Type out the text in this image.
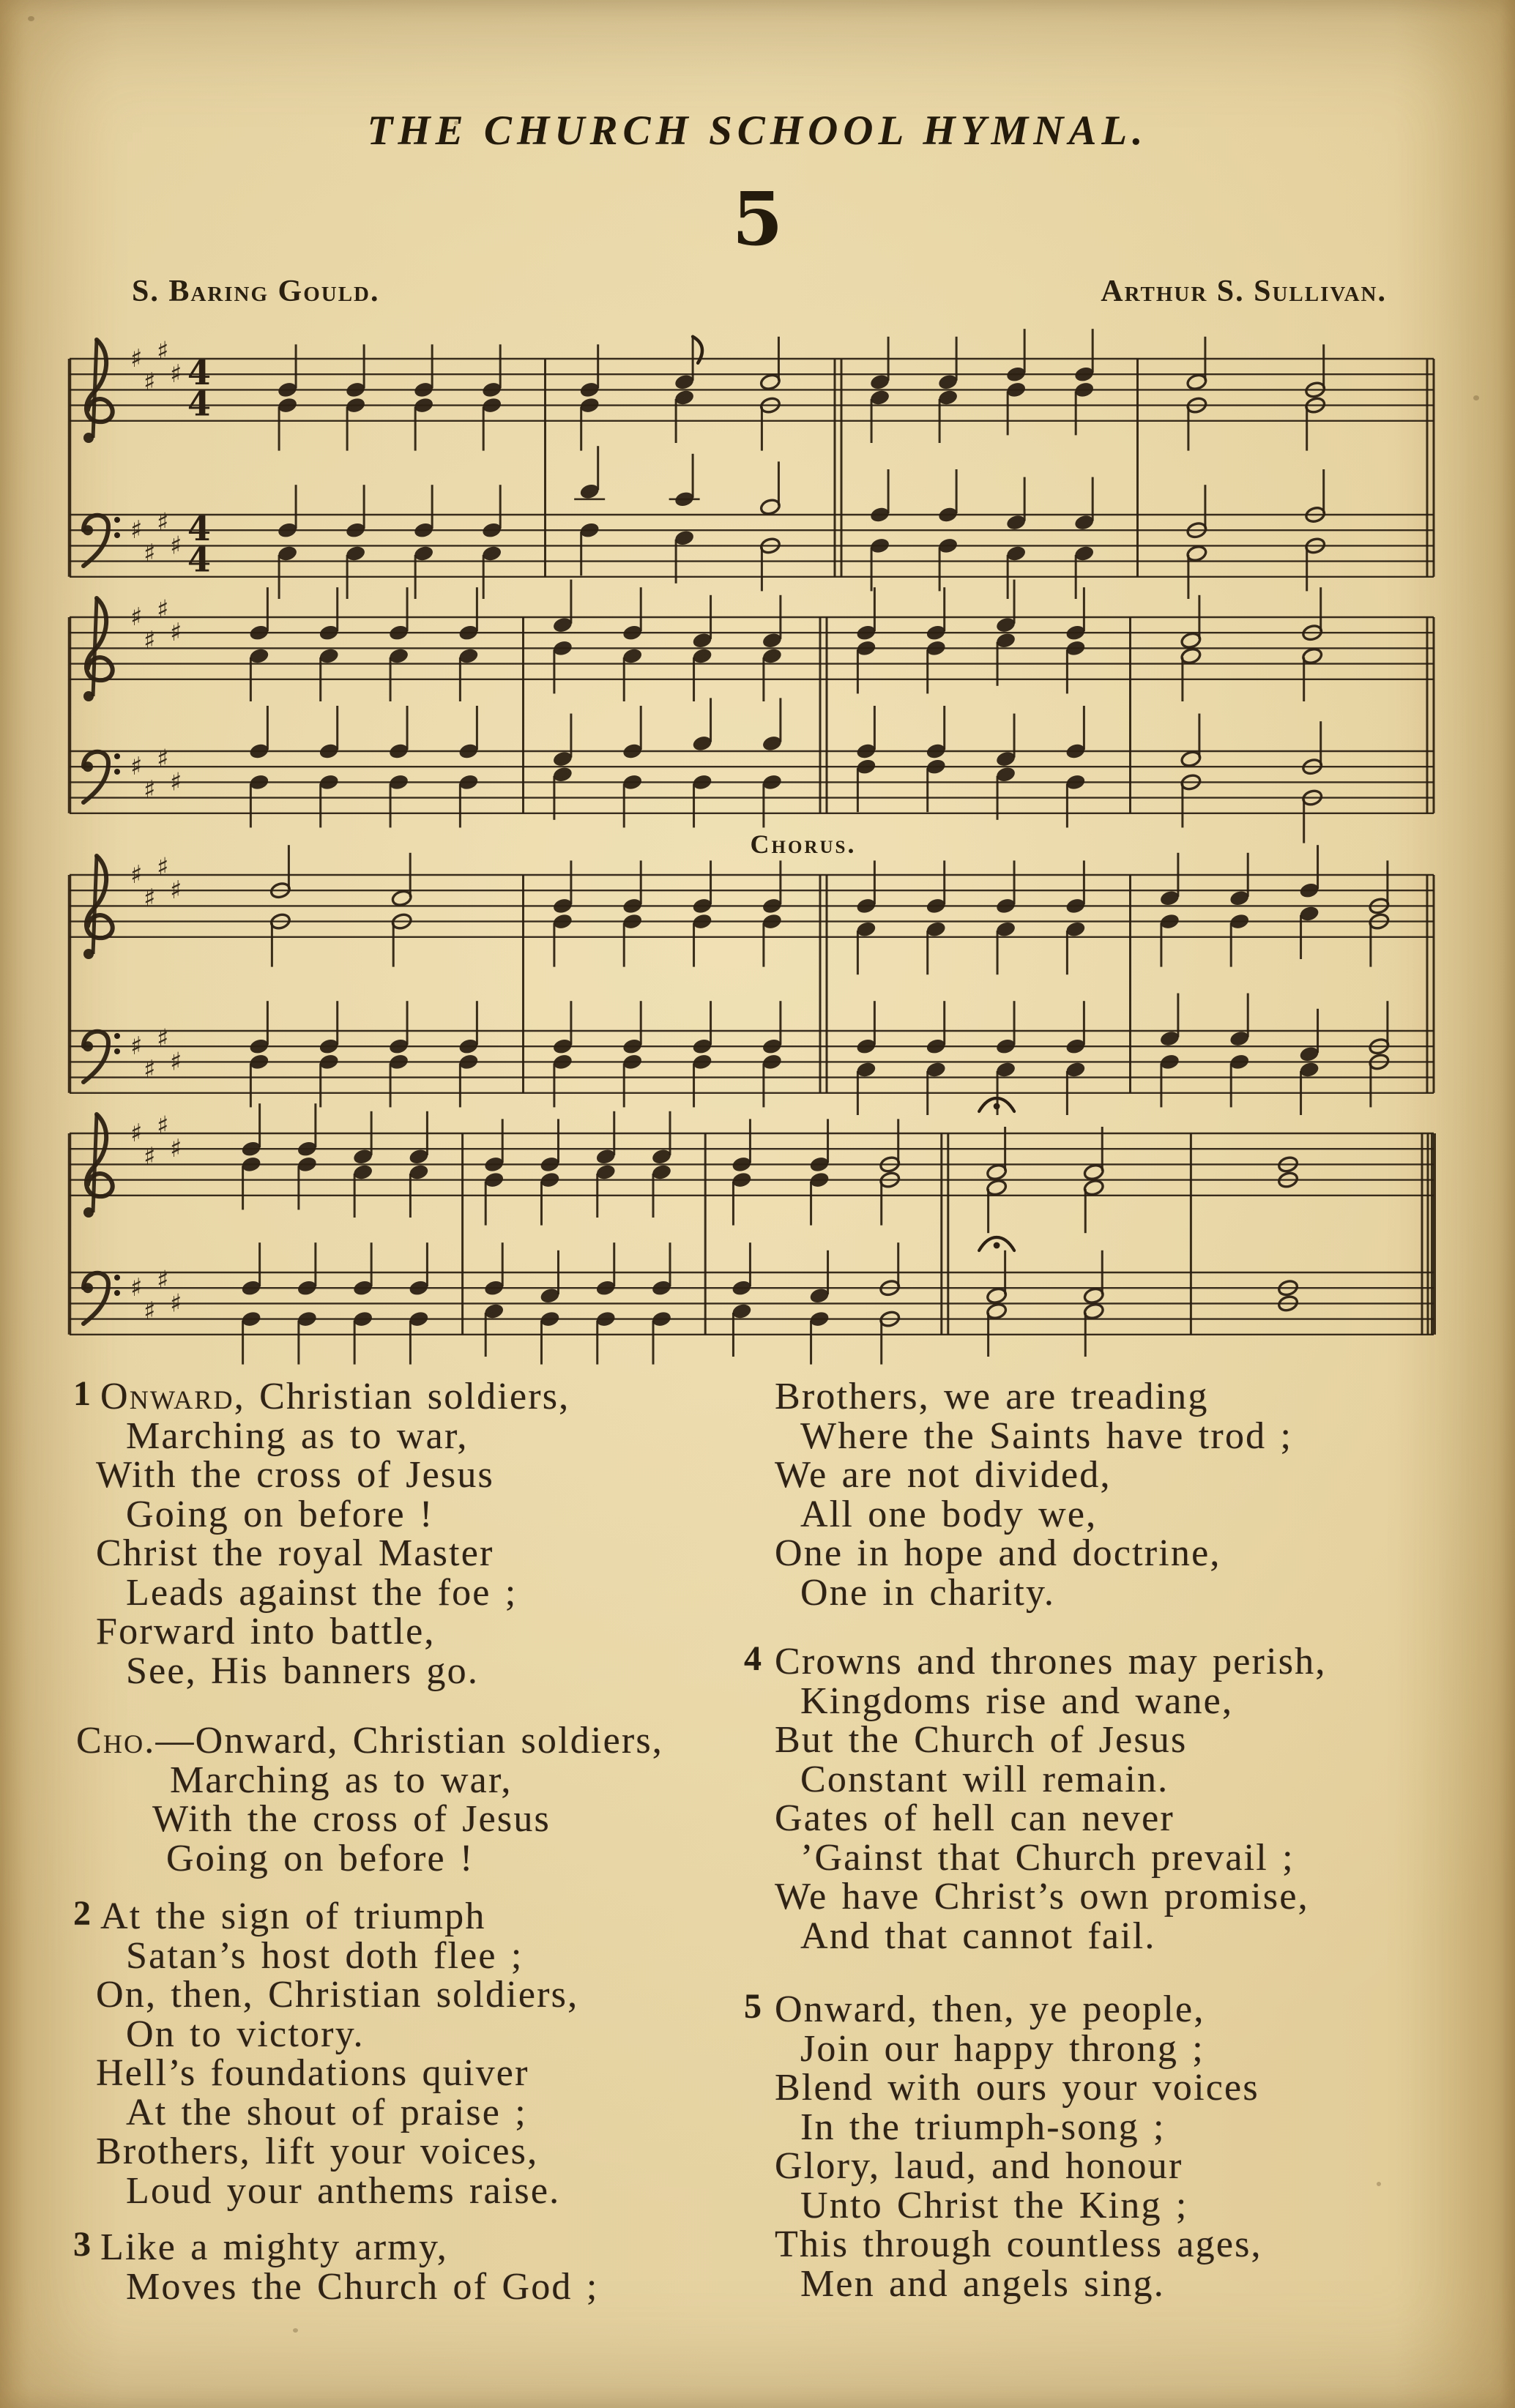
THE CHURCH SCHOOL HYMNAL.
5
S. Baring Gould.	Arthur S. Sullivan.
♯
♯
♯
♯
♯
♯
♯
♯
4
4
4
4
♯
♯
♯
♯
♯
♯
♯
♯
♯
♯
♯
♯
♯
♯
♯
♯
♯
♯
♯
♯
♯
♯
♯
♯
Chorus.
1 Onward, Christian soldiers,
Marching as to war,
With the cross of Jesus
Going on before !
Christ the royal Master
Leads against the foe ;
Forward into battle,
See, His banners go.
Cho.—Onward, Christian soldiers,
Marching as to war,
With the cross of Jesus
Going on before !
2 At the sign of triumph
Satan’s host doth flee ;
On, then, Christian soldiers,
On to victory.
Hell’s foundations quiver
At the shout of praise ;
Brothers, lift your voices,
Loud your anthems raise.
3 Like a mighty army,
Moves the Church of God ;
Brothers, we are treading
Where the Saints have trod ;
We are not divided,
All one body we,
One in hope and doctrine,
One in charity.
4 Crowns and thrones may perish,
Kingdoms rise and wane,
But the Church of Jesus
Constant will remain.
Gates of hell can never
’Gainst that Church prevail ;
We have Christ’s own promise,
And that cannot fail.
5 Onward, then, ye people,
Join our happy throng ;
Blend with ours your voices
In the triumph-song ;
Glory, laud, and honour
Unto Christ the King ;
This through countless ages,
Men and angels sing.
